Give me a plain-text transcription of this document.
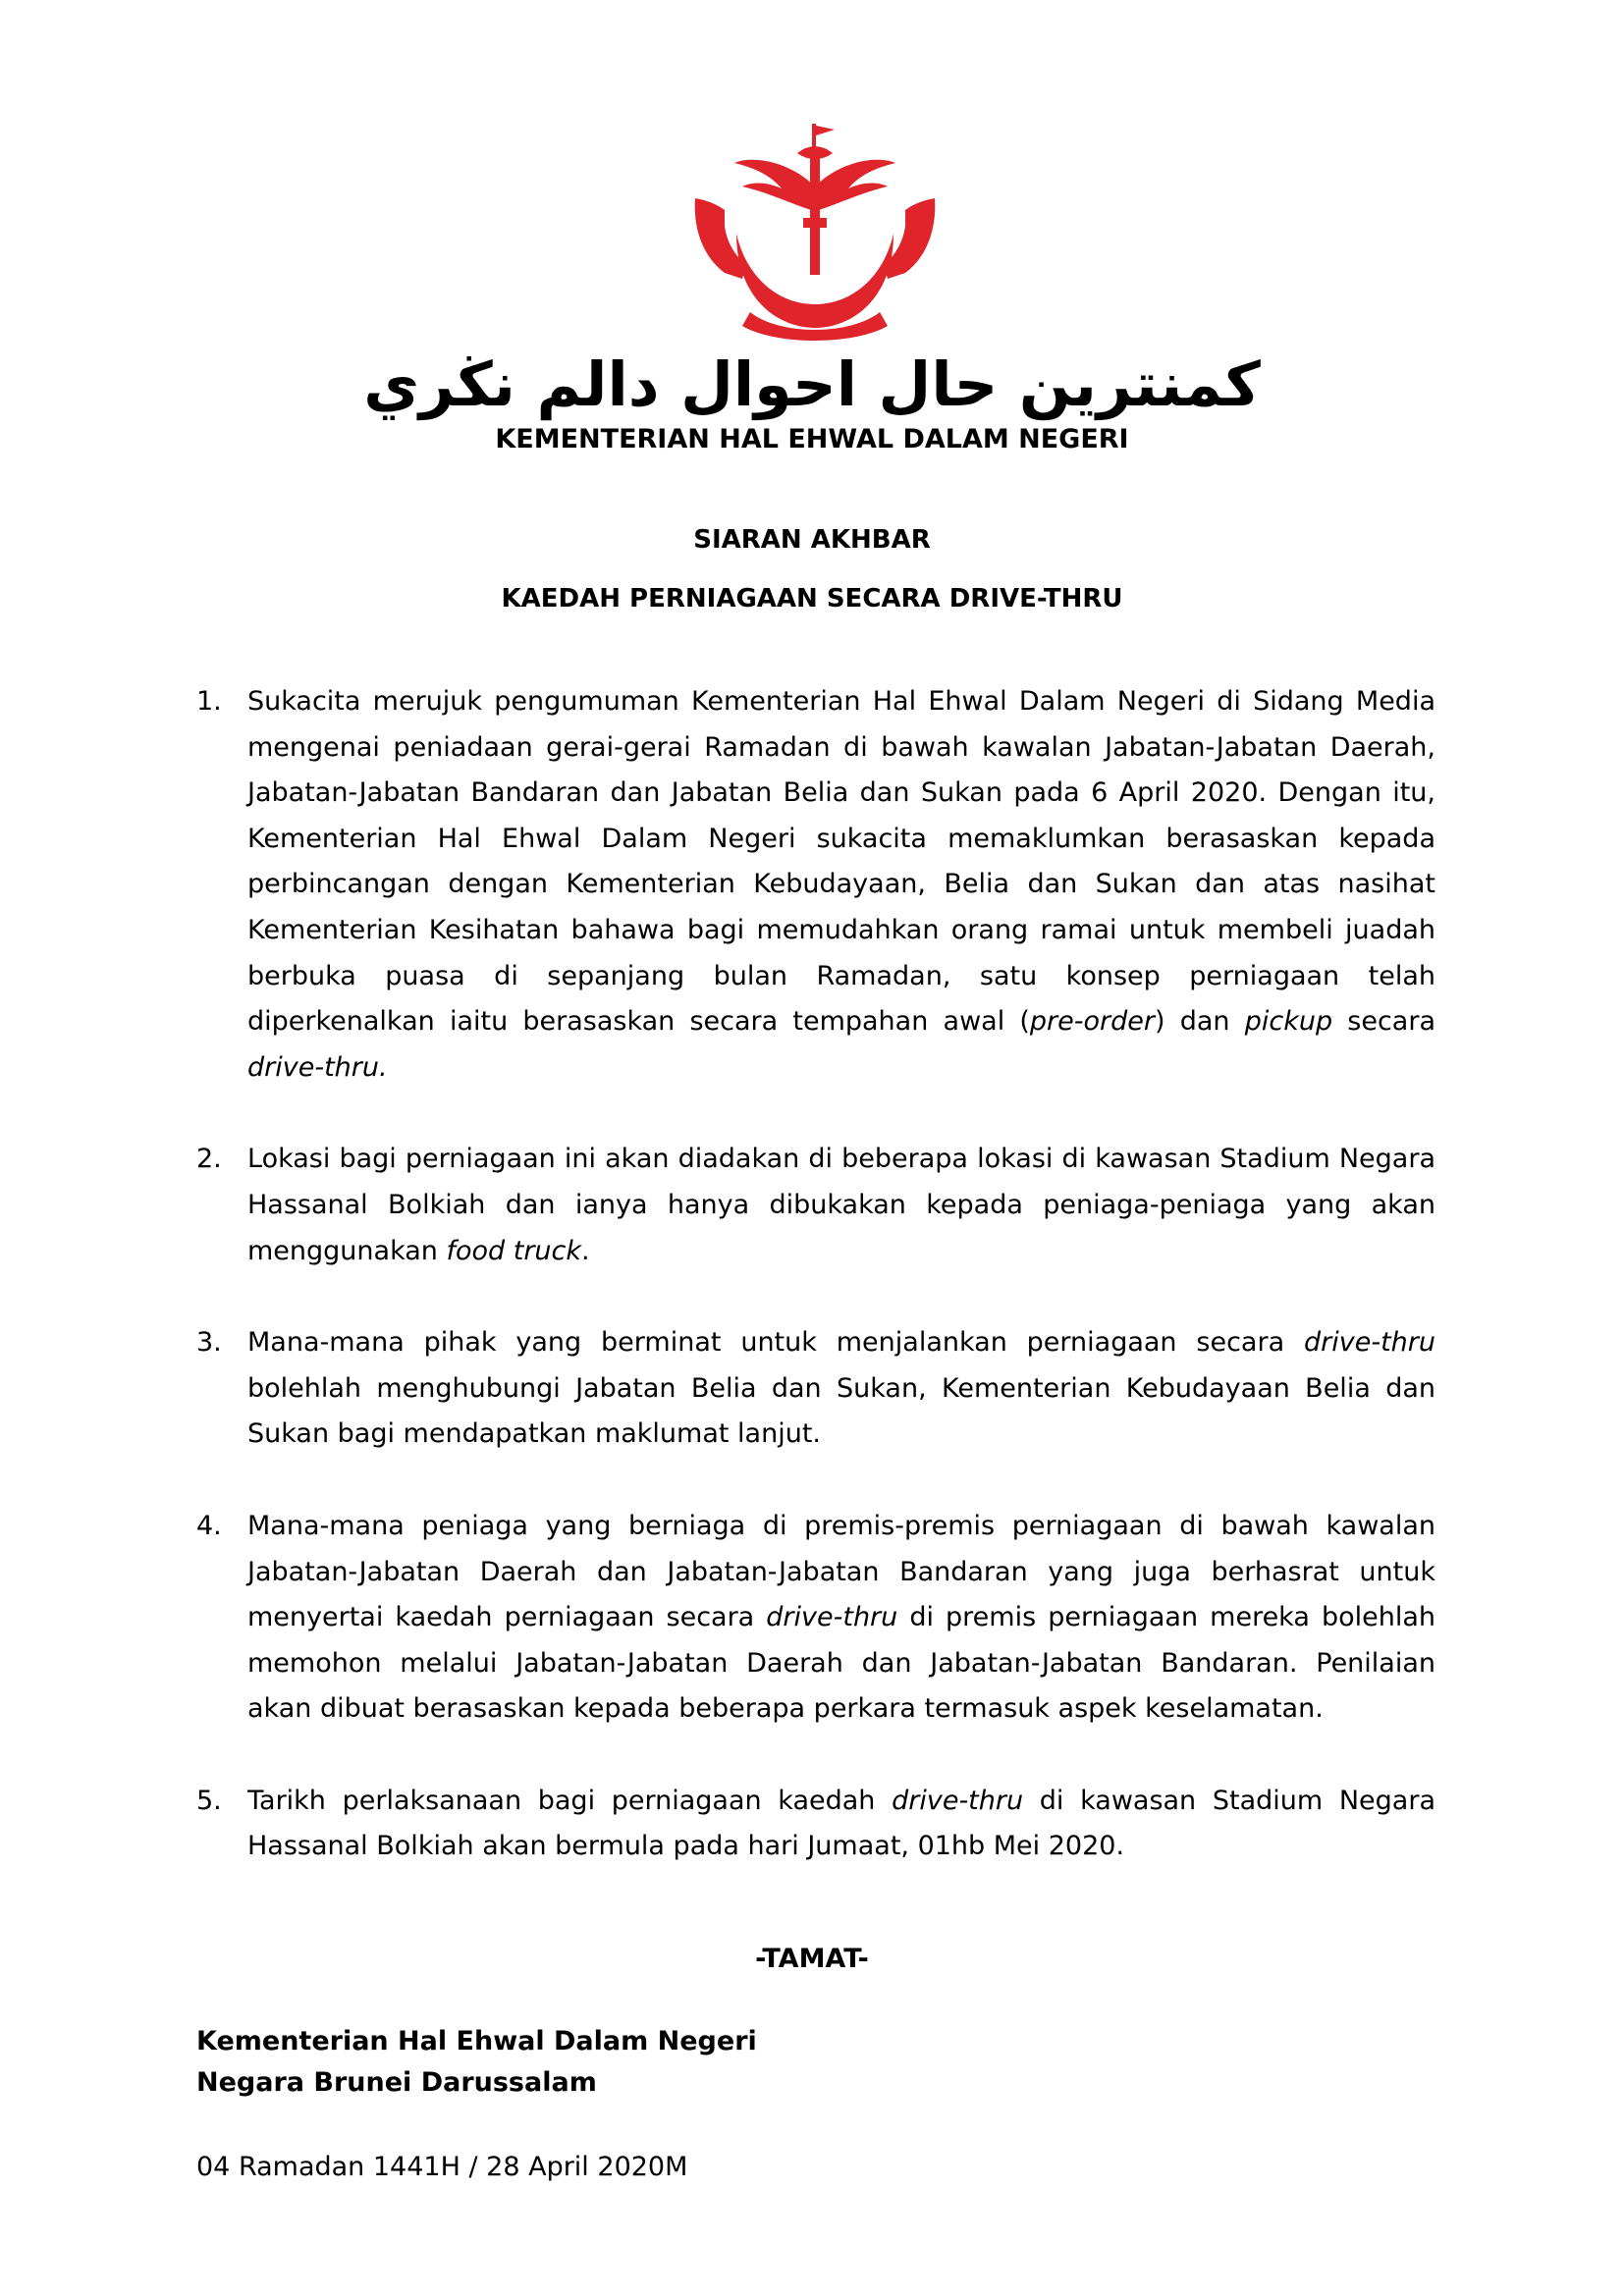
كمنترين حال احوال دالم نڬري
KEMENTERIAN HAL EHWAL DALAM NEGERI
SIARAN AKHBAR
KAEDAH PERNIAGAAN SECARA DRIVE-THRU
1. Sukacita merujuk pengumuman Kementerian Hal Ehwal Dalam Negeri di Sidang Media mengenai peniadaan gerai-gerai Ramadan di bawah kawalan Jabatan-Jabatan Daerah, Jabatan-Jabatan Bandaran dan Jabatan Belia dan Sukan pada 6 April 2020. Dengan itu, Kementerian Hal Ehwal Dalam Negeri sukacita memaklumkan berasaskan kepada perbincangan dengan Kementerian Kebudayaan, Belia dan Sukan dan atas nasihat Kementerian Kesihatan bahawa bagi memudahkan orang ramai untuk membeli juadah berbuka puasa di sepanjang bulan Ramadan, satu konsep perniagaan telah diperkenalkan iaitu berasaskan secara tempahan awal (pre-order) dan pickup secara drive-thru.
2. Lokasi bagi perniagaan ini akan diadakan di beberapa lokasi di kawasan Stadium Negara Hassanal Bolkiah dan ianya hanya dibukakan kepada peniaga-peniaga yang akan menggunakan food truck.
3. Mana-mana pihak yang berminat untuk menjalankan perniagaan secara drive-thru bolehlah menghubungi Jabatan Belia dan Sukan, Kementerian Kebudayaan Belia dan Sukan bagi mendapatkan maklumat lanjut.
4. Mana-mana peniaga yang berniaga di premis-premis perniagaan di bawah kawalan Jabatan-Jabatan Daerah dan Jabatan-Jabatan Bandaran yang juga berhasrat untuk menyertai kaedah perniagaan secara drive-thru di premis perniagaan mereka bolehlah memohon melalui Jabatan-Jabatan Daerah dan Jabatan-Jabatan Bandaran. Penilaian akan dibuat berasaskan kepada beberapa perkara termasuk aspek keselamatan.
5. Tarikh perlaksanaan bagi perniagaan kaedah drive-thru di kawasan Stadium Negara Hassanal Bolkiah akan bermula pada hari Jumaat, 01hb Mei 2020.
-TAMAT-
Kementerian Hal Ehwal Dalam Negeri
Negara Brunei Darussalam
04 Ramadan 1441H / 28 April 2020M
